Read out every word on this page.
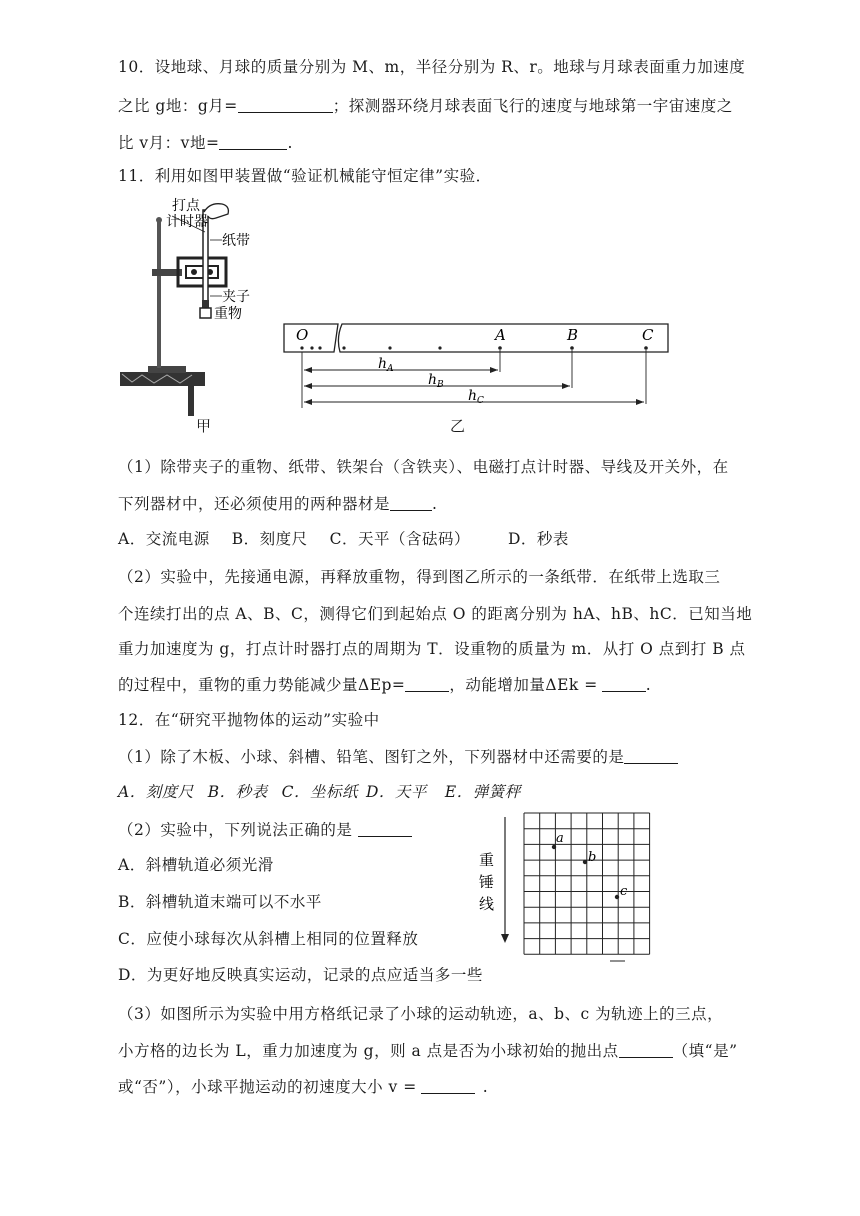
10．设地球、月球的质量分别为 M、m，半径分别为 R、r。地球与月球表面重力加速度
之比 g地：g月=	；探测器环绕月球表面飞行的速度与地球第一宇宙速度之
比 v月：v地=	.
11．利用如图甲装置做“验证机械能守恒定律”实验．
打点
计时器
纸带
夹子
重物
甲
O	A	B	C
$h_A$
$h_B$
$h_C$
乙
（1）除带夹子的重物、纸带、铁架台（含铁夹）、电磁打点计时器、导线及开关外，在
下列器材中，还必须使用的两种器材是	.
A．交流电源 B．刻度尺 C．天平（含砝码） D．秒表
（2）实验中，先接通电源，再释放重物，得到图乙所示的一条纸带．在纸带上选取三
个连续打出的点 A、B、C，测得它们到起始点 O 的距离分别为 hA、hB、hC．已知当地
重力加速度为 g，打点计时器打点的周期为 T．设重物的质量为 m．从打 O 点到打 B 点
的过程中，重物的重力势能减少量ΔEp=	，动能增加量ΔEk =	.
12．在“研究平抛物体的运动”实验中
（1）除了木板、小球、斜槽、铅笔、图钉之外，下列器材中还需要的是
A．刻度尺 B．秒表 C．坐标纸 D．天平 E．弹簧秤
（2）实验中，下列说法正确的是
A．斜槽轨道必须光滑
B．斜槽轨道末端可以不水平
C．应使小球每次从斜槽上相同的位置释放
D．为更好地反映真实运动，记录的点应适当多一些
重锤线
a
b
c
（3）如图所示为实验中用方格纸记录了小球的运动轨迹，a、b、c 为轨迹上的三点，
小方格的边长为 L，重力加速度为 g，则 a 点是否为小球初始的抛出点	（填“是”
或“否”），小球平抛运动的初速度大小 v =	.
